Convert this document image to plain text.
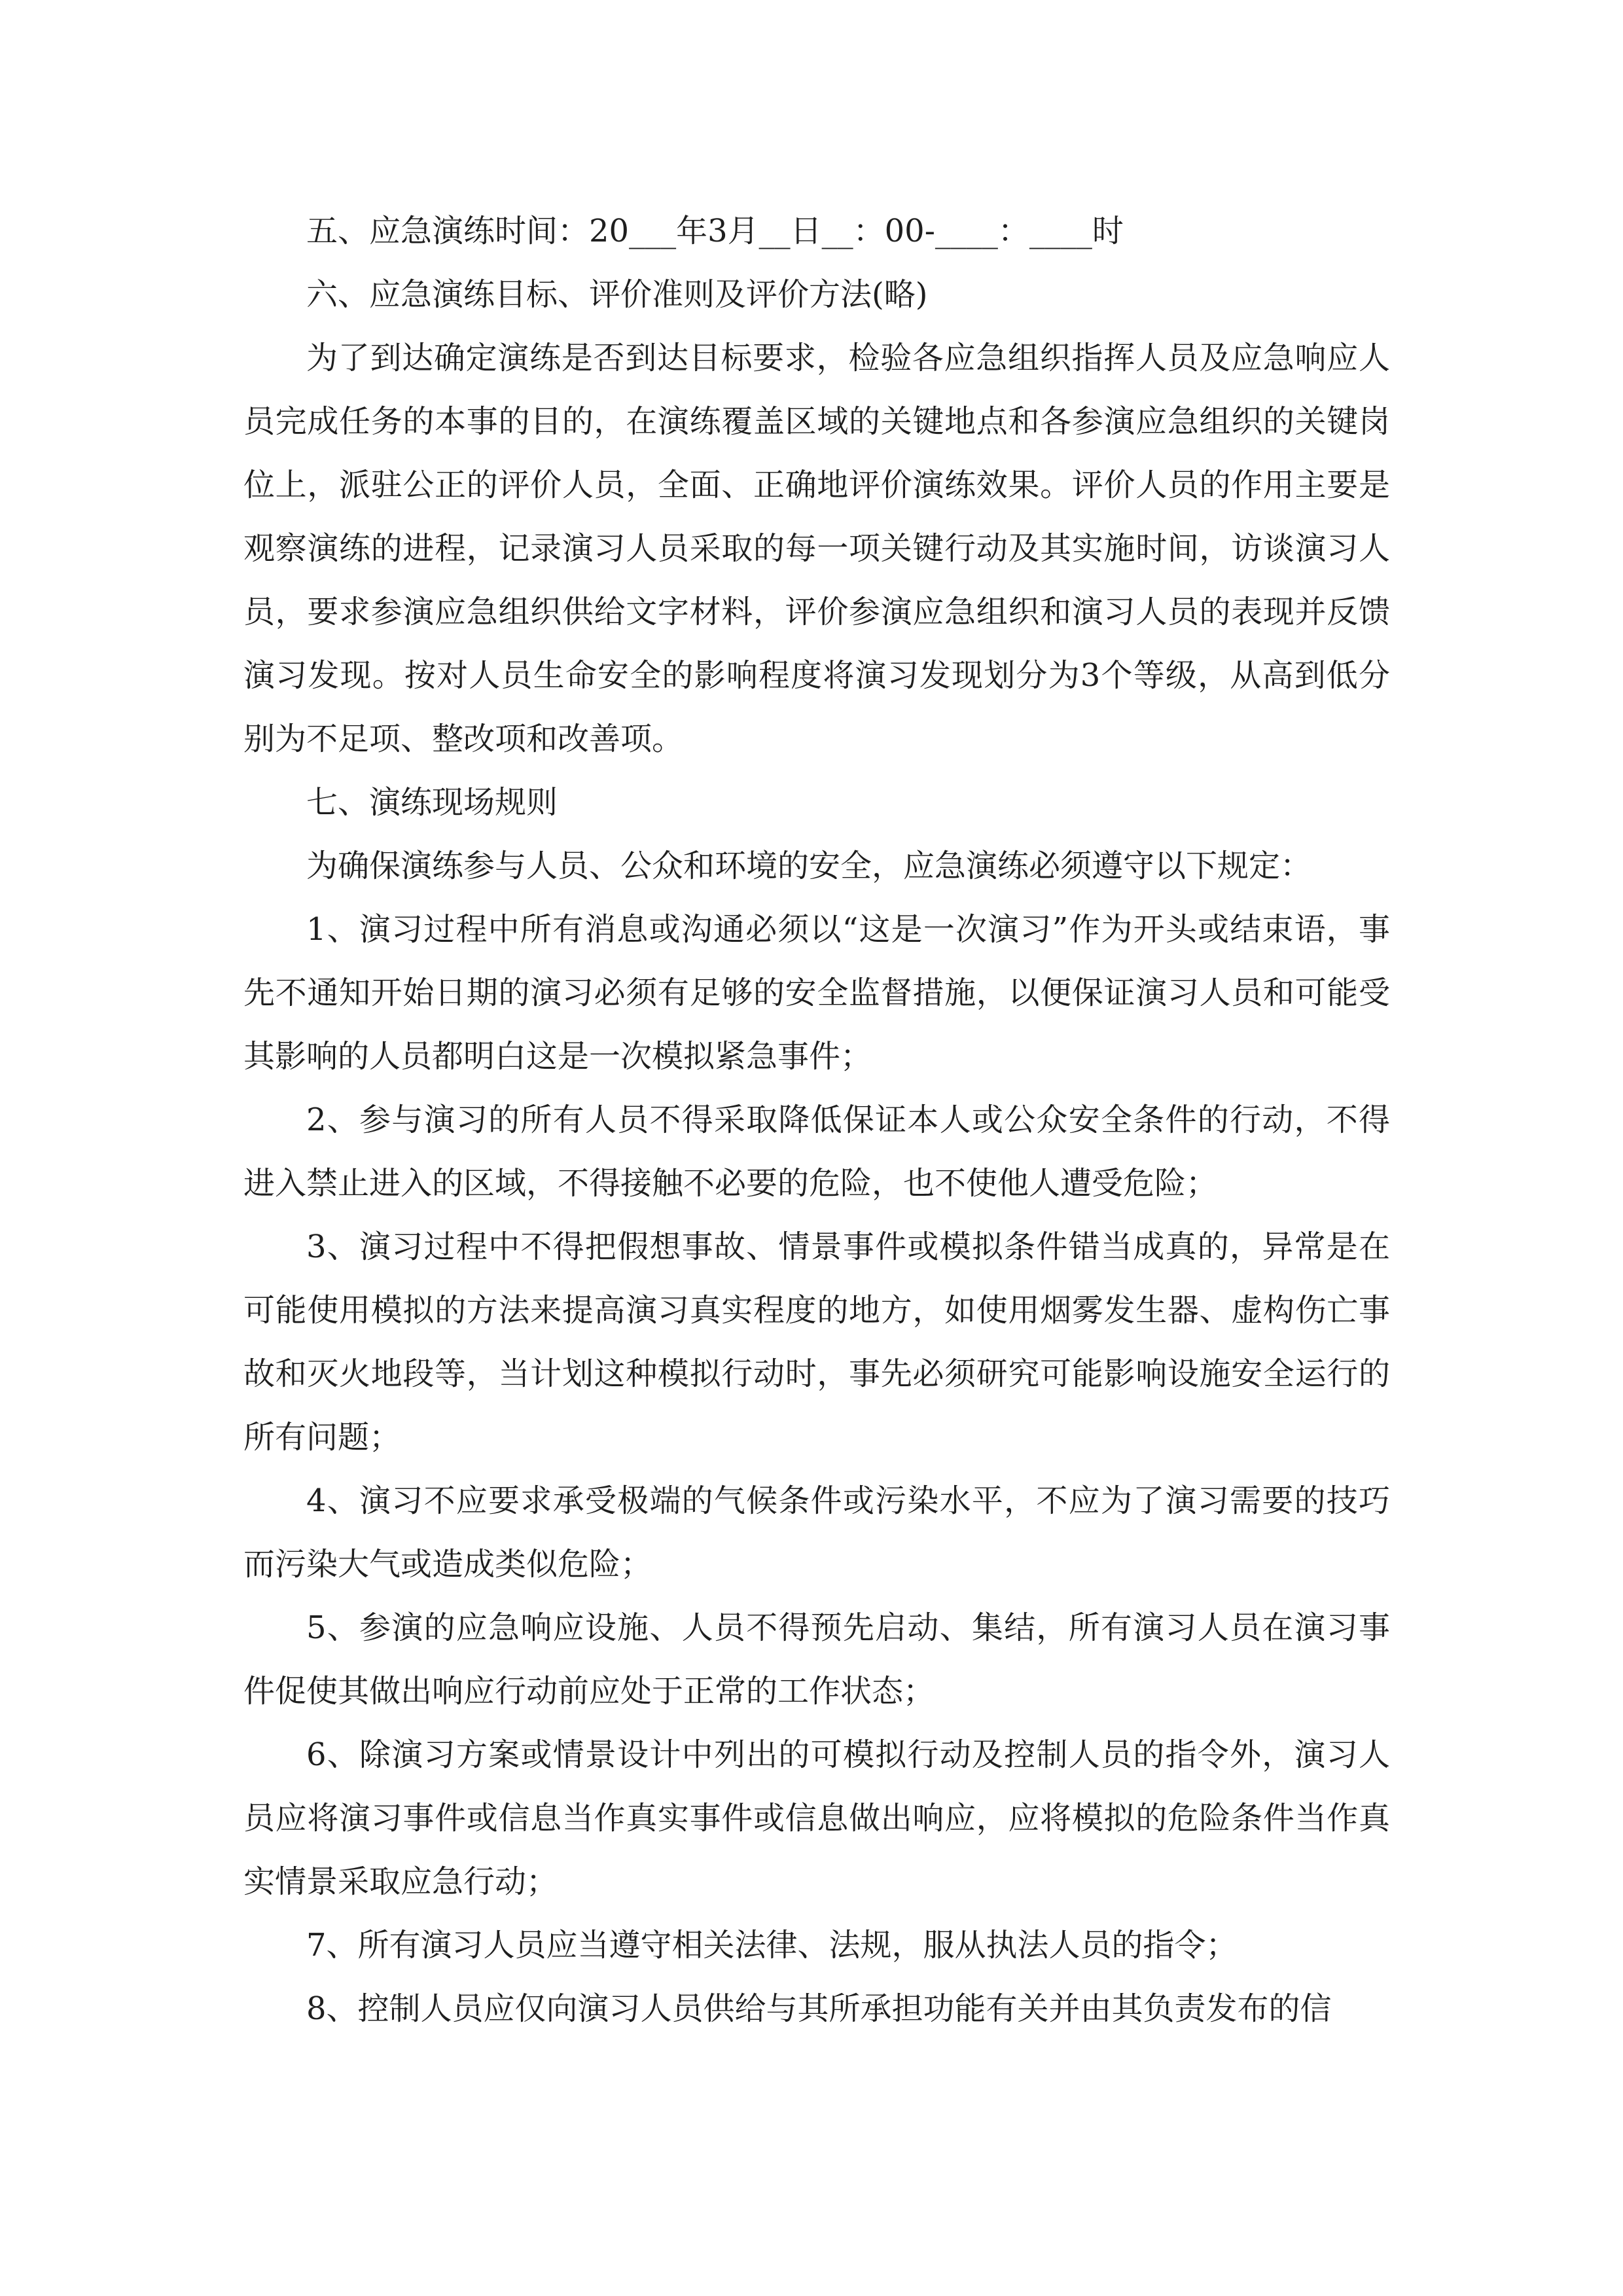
五、应急演练时间：20___年3月__日__：00-____：____时

六、应急演练目标、评价准则及评价方法(略)

为了到达确定演练是否到达目标要求，检验各应急组织指挥人员及应急响应人员完成任务的本事的目的，在演练覆盖区域的关键地点和各参演应急组织的关键岗位上，派驻公正的评价人员，全面、正确地评价演练效果。评价人员的作用主要是观察演练的进程，记录演习人员采取的每一项关键行动及其实施时间，访谈演习人员，要求参演应急组织供给文字材料，评价参演应急组织和演习人员的表现并反馈演习发现。按对人员生命安全的影响程度将演习发现划分为3个等级，从高到低分别为不足项、整改项和改善项。

七、演练现场规则

为确保演练参与人员、公众和环境的安全，应急演练必须遵守以下规定：

1、演习过程中所有消息或沟通必须以“这是一次演习”作为开头或结束语，事先不通知开始日期的演习必须有足够的安全监督措施，以便保证演习人员和可能受其影响的人员都明白这是一次模拟紧急事件；

2、参与演习的所有人员不得采取降低保证本人或公众安全条件的行动，不得进入禁止进入的区域，不得接触不必要的危险，也不使他人遭受危险；

3、演习过程中不得把假想事故、情景事件或模拟条件错当成真的，异常是在可能使用模拟的方法来提高演习真实程度的地方，如使用烟雾发生器、虚构伤亡事故和灭火地段等，当计划这种模拟行动时，事先必须研究可能影响设施安全运行的所有问题；

4、演习不应要求承受极端的气候条件或污染水平，不应为了演习需要的技巧而污染大气或造成类似危险；

5、参演的应急响应设施、人员不得预先启动、集结，所有演习人员在演习事件促使其做出响应行动前应处于正常的工作状态；

6、除演习方案或情景设计中列出的可模拟行动及控制人员的指令外，演习人员应将演习事件或信息当作真实事件或信息做出响应，应将模拟的危险条件当作真实情景采取应急行动；

7、所有演习人员应当遵守相关法律、法规，服从执法人员的指令；

8、控制人员应仅向演习人员供给与其所承担功能有关并由其负责发布的信
